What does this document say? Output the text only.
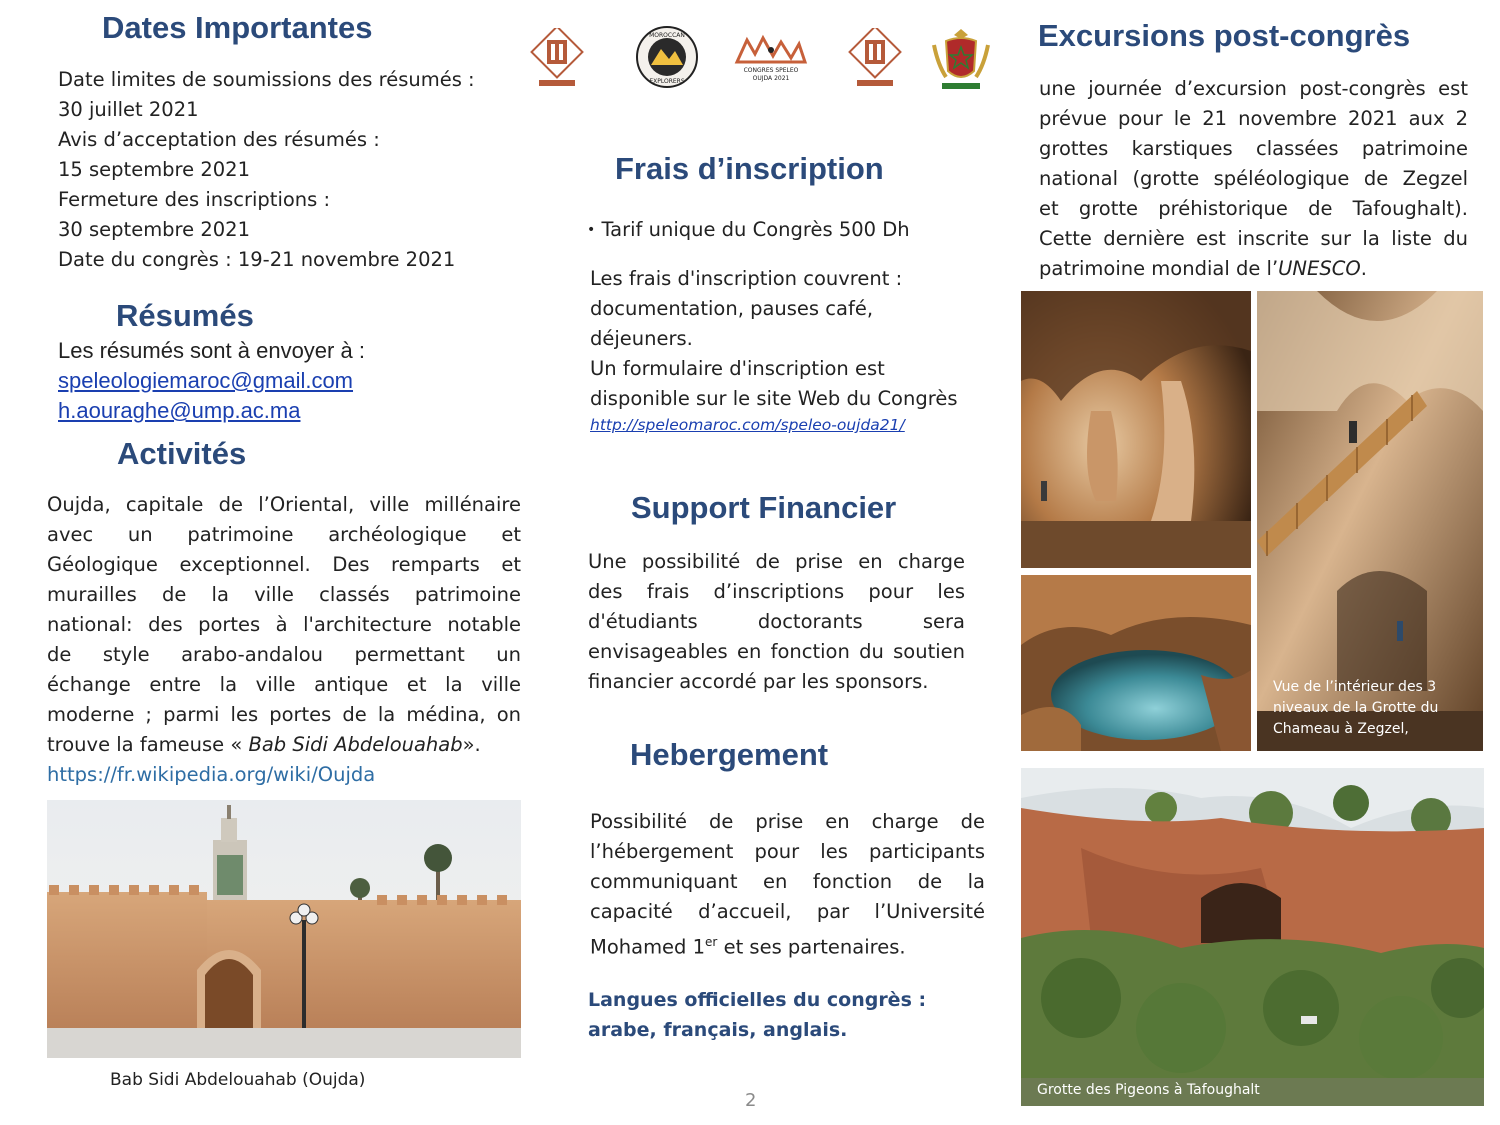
Dates Importantes
Date limites de soumissions des résumés :
30 juillet 2021
Avis d’acceptation des résumés :
15 septembre 2021
Fermeture des inscriptions :
30 septembre 2021
Date du congrès : 19-21 novembre 2021
Résumés
Les résumés sont à envoyer à :
speleologiemaroc@gmail.com
h.aouraghe@ump.ac.ma
Activités
Oujda, capitale de l’Oriental, ville millénaire
avec un patrimoine archéologique et
Géologique exceptionnel. Des remparts et
murailles de la ville classés patrimoine
national: des portes à l'architecture notable
de style arabo-andalou permettant un
échange entre la ville antique et la ville
moderne ; parmi les portes de la médina, on
trouve la fameuse « Bab Sidi Abdelouahab».
https://fr.wikipedia.org/wiki/Oujda
Bab Sidi Abdelouahab (Oujda)
MOROCCAN
EXPLORERS
CONGRES SPELEO
OUJDA 2021
Frais d’inscription
• Tarif unique du Congrès 500 Dh
Les frais d'inscription couvrent :
documentation, pauses café,
déjeuners.
Un formulaire d'inscription est
disponible sur le site Web du Congrès
http://speleomaroc.com/speleo-oujda21/
Support Financier
Une possibilité de prise en charge
des frais d’inscriptions pour les
d'étudiants doctorants sera
envisageables en fonction du soutien
financier accordé par les sponsors.
Hebergement
Possibilité de prise en charge de
l’hébergement pour les participants
communiquant en fonction de la
capacité d’accueil, par l’Université
Mohamed 1er et ses partenaires.
Langues officielles du congrès : arabe, français, anglais.
2
Excursions post-congrès
une journée d’excursion post-congrès est
prévue pour le 21 novembre 2021 aux 2
grottes karstiques classées patrimoine
national (grotte spéléologique de Zegzel
et grotte préhistorique de Tafoughalt).
Cette dernière est inscrite sur la liste du
patrimoine mondial de l’UNESCO.
Vue de l’intérieur des 3 niveaux de la Grotte du Chameau à Zegzel,
Grotte des Pigeons à Tafoughalt
